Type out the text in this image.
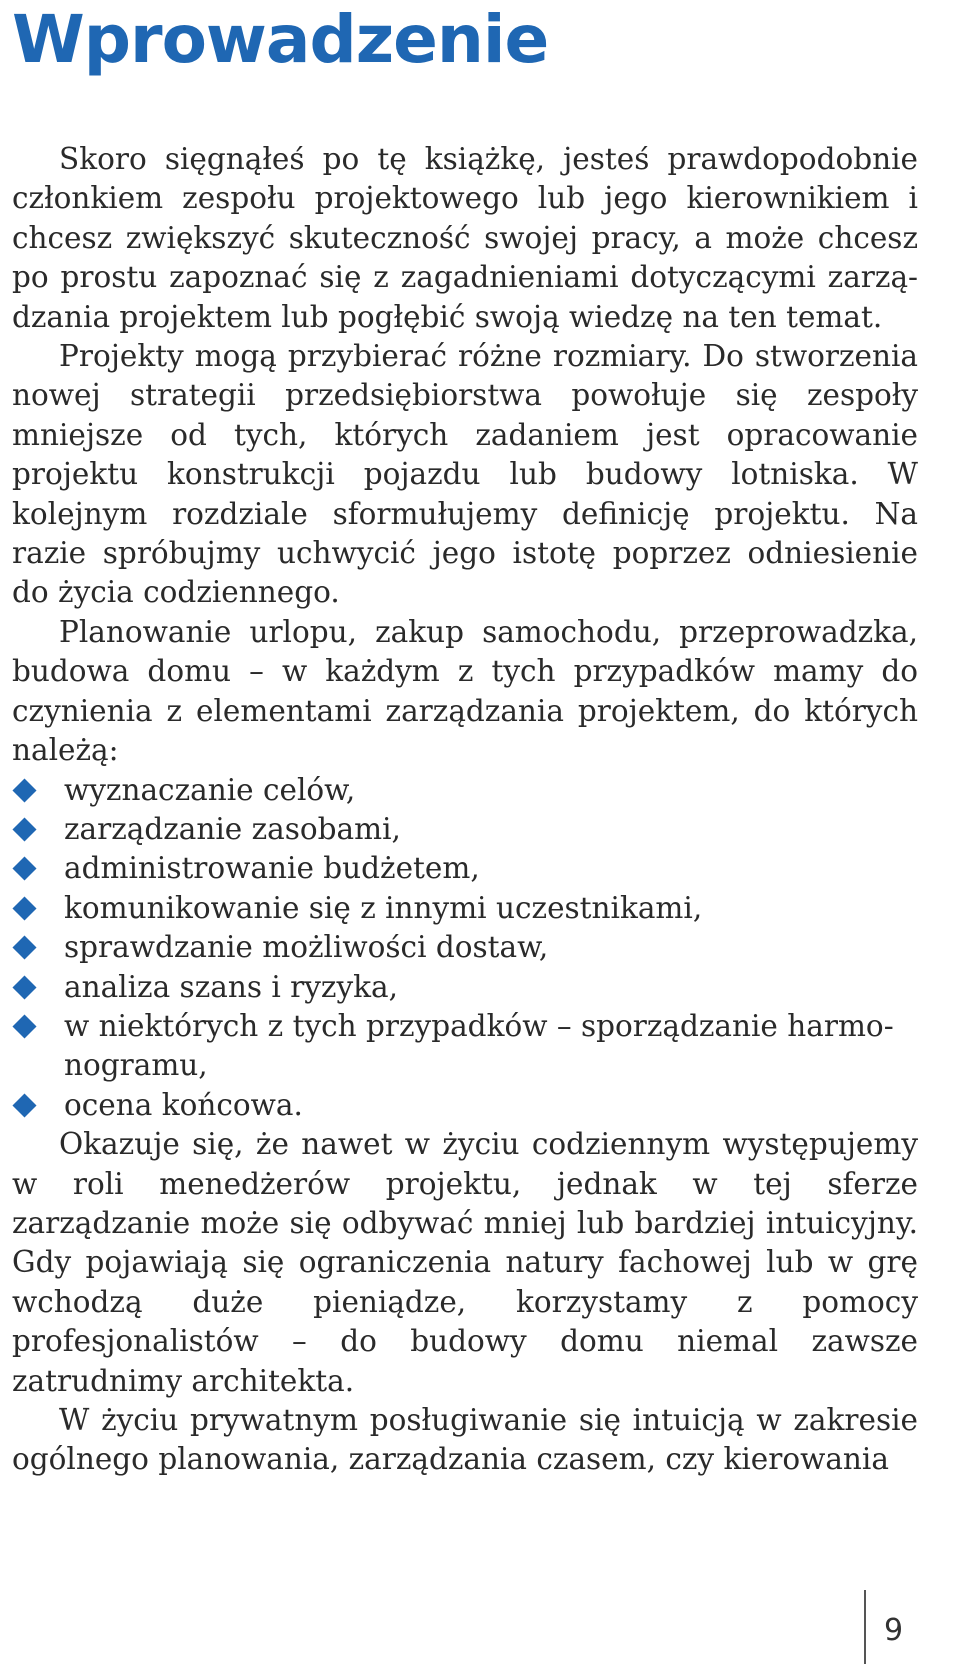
Wprowadzenie

Skoro sięgnąłeś po tę książkę, jesteś prawdopodobnie członkiem zespołu projektowego lub jego kierownikiem i chcesz zwiększyć skuteczność swojej pracy, a może chcesz po prostu zapoznać się z zagadnieniami dotyczącymi zarządzania projektem lub pogłębić swoją wiedzę na ten temat.

Projekty mogą przybierać różne rozmiary. Do stworzenia nowej strategii przedsiębiorstwa powołuje się zespoły mniejsze od tych, których zadaniem jest opracowanie projektu konstrukcji pojazdu lub budowy lotniska. W kolejnym rozdziale sformułujemy definicję projektu. Na razie spróbujmy uchwycić jego istotę poprzez odniesienie do życia codziennego.

Planowanie urlopu, zakup samochodu, przeprowadzka, budowa domu – w każdym z tych przypadków mamy do czynienia z elementami zarządzania projektem, do których należą:

wyznaczanie celów,
zarządzanie zasobami,
administrowanie budżetem,
komunikowanie się z innymi uczestnikami,
sprawdzanie możliwości dostaw,
analiza szans i ryzyka,
w niektórych z tych przypadków – sporządzanie harmonogramu,
ocena końcowa.

Okazuje się, że nawet w życiu codziennym występujemy w roli menedżerów projektu, jednak w tej sferze zarządzanie może się odbywać mniej lub bardziej intuicyjny. Gdy pojawiają się ograniczenia natury fachowej lub w grę wchodzą duże pieniądze, korzystamy z pomocy profesjonalistów – do budowy domu niemal zawsze zatrudnimy architekta.

W życiu prywatnym posługiwanie się intuicją w zakresie ogólnego planowania, zarządzania czasem, czy kierowania

9
